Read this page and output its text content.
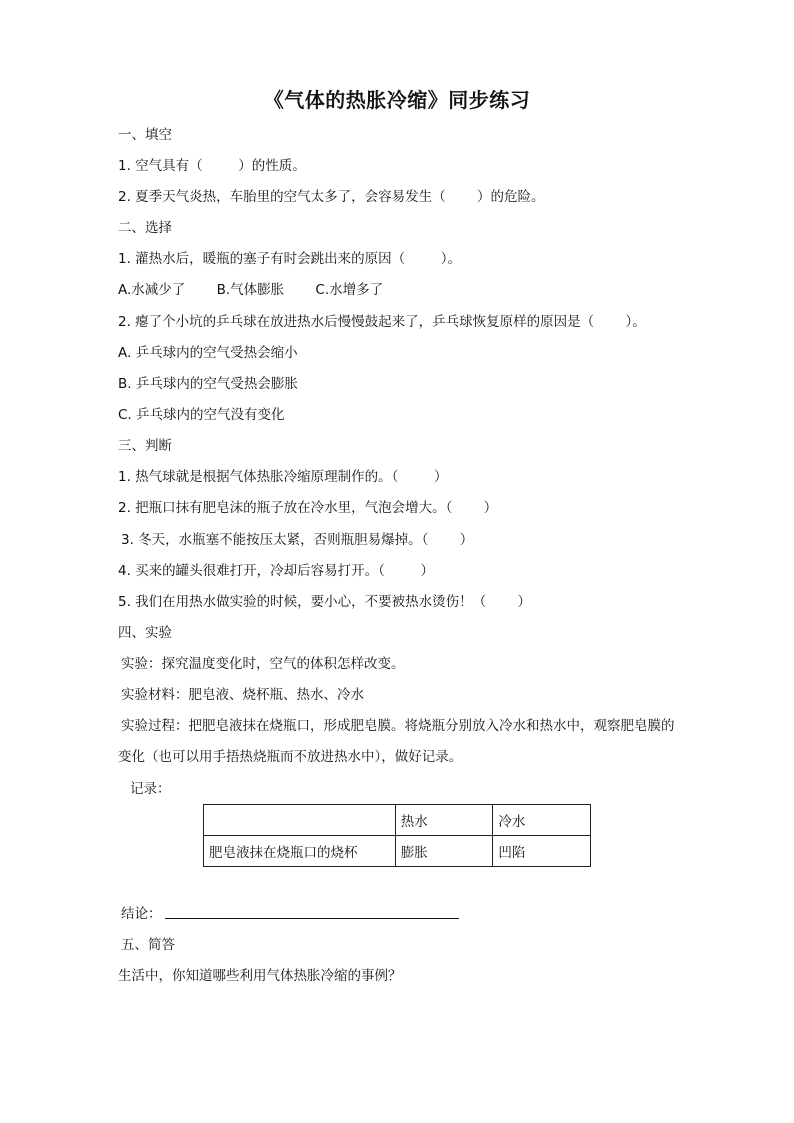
《气体的热胀冷缩》同步练习
一、填空
1. 空气具有（ 　　 ）的性质。
2. 夏季天气炎热，车胎里的空气太多了，会容易发生（ 　　）的危险。
二、选择
1. 灌热水后，暖瓶的塞子有时会跳出来的原因（ 　　 ）。
A.水减少了　　 B.气体膨胀　　 C.水增多了
2. 瘪了个小坑的乒乓球在放进热水后慢慢鼓起来了，乒乓球恢复原样的原因是（ 　　）。
A. 乒乓球内的空气受热会缩小
B. 乒乓球内的空气受热会膨胀
C. 乒乓球内的空气没有变化
三、判断
1. 热气球就是根据气体热胀冷缩原理制作的。（ 　　 ）
2. 把瓶口抹有肥皂沫的瓶子放在冷水里，气泡会增大。（ 　　）
3. 冬天，水瓶塞不能按压太紧，否则瓶胆易爆掉。（ 　　）
4. 买来的罐头很难打开，冷却后容易打开。（ 　　 ）
5. 我们在用热水做实验的时候，要小心，不要被热水烫伤！（ 　　）
四、实验
实验：探究温度变化时，空气的体积怎样改变。
实验材料：肥皂液、烧杯瓶、热水、冷水
实验过程：把肥皂液抹在烧瓶口，形成肥皂膜。将烧瓶分别放入冷水和热水中，观察肥皂膜的
变化（也可以用手捂热烧瓶而不放进热水中），做好记录。
记录：
	热水	冷水
肥皂液抹在烧瓶口的烧杯	膨胀	凹陷
结论：
五、简答
生活中，你知道哪些利用气体热胀冷缩的事例？
